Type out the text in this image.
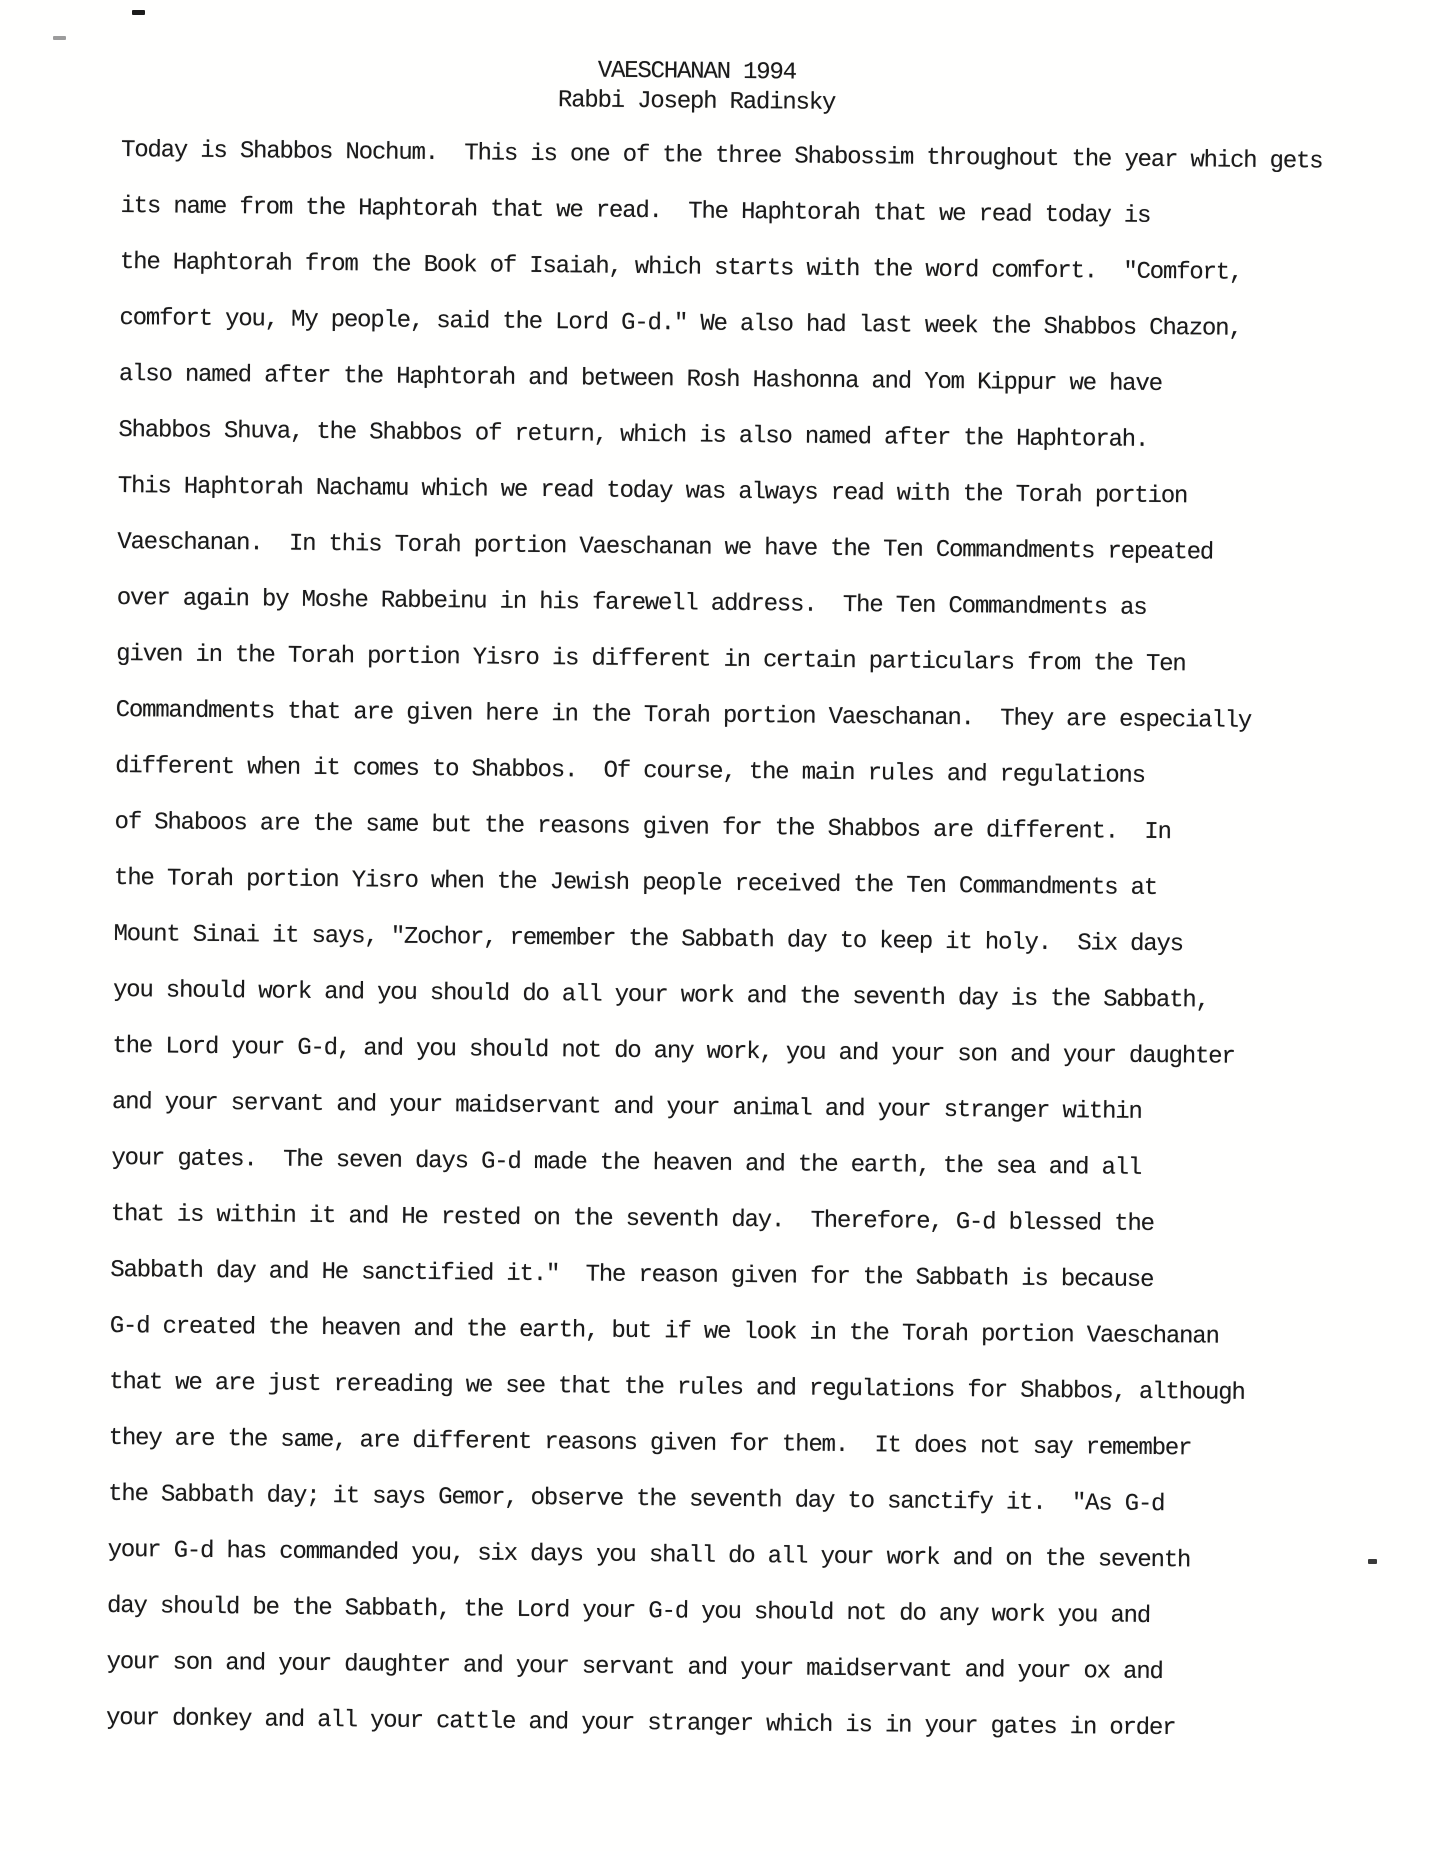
VAESCHANAN 1994
Rabbi Joseph Radinsky
Today is Shabbos Nochum.  This is one of the three Shabossim throughout the year which gets
its name from the Haphtorah that we read.  The Haphtorah that we read today is
the Haphtorah from the Book of Isaiah, which starts with the word comfort.  "Comfort,
comfort you, My people, said the Lord G-d." We also had last week the Shabbos Chazon,
also named after the Haphtorah and between Rosh Hashonna and Yom Kippur we have
Shabbos Shuva, the Shabbos of return, which is also named after the Haphtorah.
This Haphtorah Nachamu which we read today was always read with the Torah portion
Vaeschanan.  In this Torah portion Vaeschanan we have the Ten Commandments repeated
over again by Moshe Rabbeinu in his farewell address.  The Ten Commandments as
given in the Torah portion Yisro is different in certain particulars from the Ten
Commandments that are given here in the Torah portion Vaeschanan.  They are especially
different when it comes to Shabbos.  Of course, the main rules and regulations
of Shaboos are the same but the reasons given for the Shabbos are different.  In
the Torah portion Yisro when the Jewish people received the Ten Commandments at
Mount Sinai it says, "Zochor, remember the Sabbath day to keep it holy.  Six days
you should work and you should do all your work and the seventh day is the Sabbath,
the Lord your G-d, and you should not do any work, you and your son and your daughter
and your servant and your maidservant and your animal and your stranger within
your gates.  The seven days G-d made the heaven and the earth, the sea and all
that is within it and He rested on the seventh day.  Therefore, G-d blessed the
Sabbath day and He sanctified it."  The reason given for the Sabbath is because
G-d created the heaven and the earth, but if we look in the Torah portion Vaeschanan
that we are just rereading we see that the rules and regulations for Shabbos, although
they are the same, are different reasons given for them.  It does not say remember
the Sabbath day; it says Gemor, observe the seventh day to sanctify it.  "As G-d
your G-d has commanded you, six days you shall do all your work and on the seventh
day should be the Sabbath, the Lord your G-d you should not do any work you and
your son and your daughter and your servant and your maidservant and your ox and
your donkey and all your cattle and your stranger which is in your gates in order
